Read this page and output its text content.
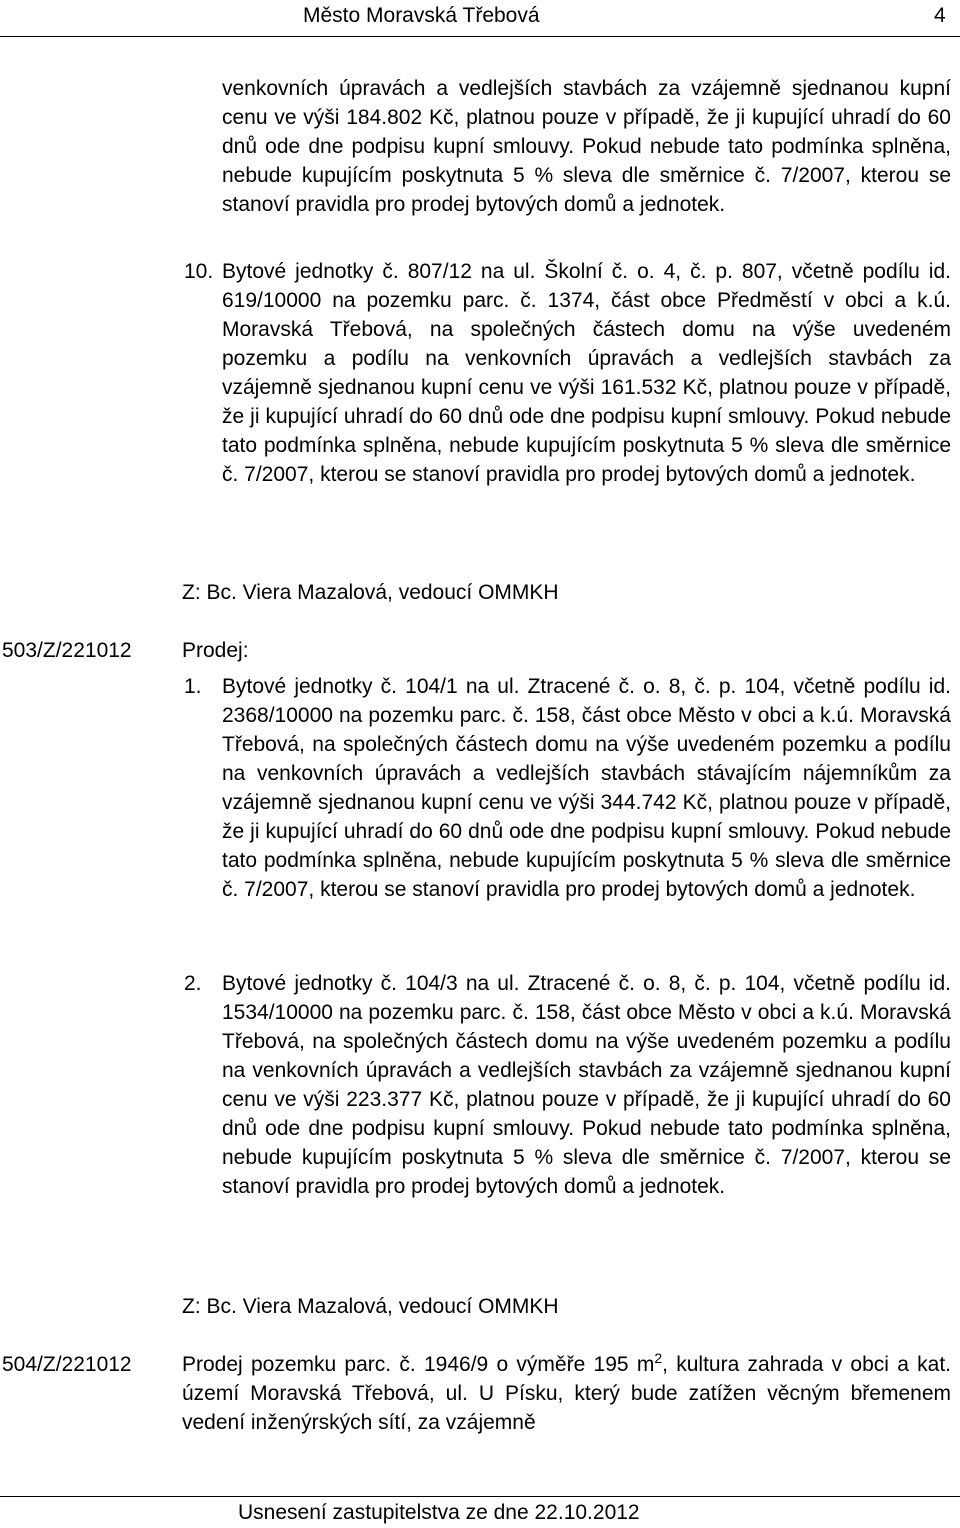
Město Moravská Třebová	4

venkovních úpravách a vedlejších stavbách za vzájemně sjednanou kupní cenu ve výši 184.802 Kč, platnou pouze v případě, že ji kupující uhradí do 60 dnů ode dne podpisu kupní smlouvy. Pokud nebude tato podmínka splněna, nebude kupujícím poskytnuta 5 % sleva dle směrnice č. 7/2007, kterou se stanoví pravidla pro prodej bytových domů a jednotek.

10. Bytové jednotky č. 807/12 na ul. Školní č. o. 4, č. p. 807, včetně podílu id. 619/10000 na pozemku parc. č. 1374, část obce Předměstí v obci a k.ú. Moravská Třebová, na společných částech domu na výše uvedeném pozemku a podílu na venkovních úpravách a vedlejších stavbách za vzájemně sjednanou kupní cenu ve výši 161.532 Kč, platnou pouze v případě, že ji kupující uhradí do 60 dnů ode dne podpisu kupní smlouvy. Pokud nebude tato podmínka splněna, nebude kupujícím poskytnuta 5 % sleva dle směrnice č. 7/2007, kterou se stanoví pravidla pro prodej bytových domů a jednotek.

Z: Bc. Viera Mazalová, vedoucí OMMKH
503/Z/221012 Prodej:
1. Bytové jednotky č. 104/1 na ul. Ztracené č. o. 8, č. p. 104, včetně podílu id. 2368/10000 na pozemku parc. č. 158, část obce Město v obci a k.ú. Moravská Třebová, na společných částech domu na výše uvedeném pozemku a podílu na venkovních úpravách a vedlejších stavbách stávajícím nájemníkům za vzájemně sjednanou kupní cenu ve výši 344.742 Kč, platnou pouze v případě, že ji kupující uhradí do 60 dnů ode dne podpisu kupní smlouvy. Pokud nebude tato podmínka splněna, nebude kupujícím poskytnuta 5 % sleva dle směrnice č. 7/2007, kterou se stanoví pravidla pro prodej bytových domů a jednotek.

2. Bytové jednotky č. 104/3 na ul. Ztracené č. o. 8, č. p. 104, včetně podílu id. 1534/10000 na pozemku parc. č. 158, část obce Město v obci a k.ú. Moravská Třebová, na společných částech domu na výše uvedeném pozemku a podílu na venkovních úpravách a vedlejších stavbách za vzájemně sjednanou kupní cenu ve výši 223.377 Kč, platnou pouze v případě, že ji kupující uhradí do 60 dnů ode dne podpisu kupní smlouvy. Pokud nebude tato podmínka splněna, nebude kupujícím poskytnuta 5 % sleva dle směrnice č. 7/2007, kterou se stanoví pravidla pro prodej bytových domů a jednotek.

Z: Bc. Viera Mazalová, vedoucí OMMKH
504/Z/221012 Prodej pozemku parc. č. 1946/9 o výměře 195 $m^2$, kultura zahrada v obci a kat. území Moravská Třebová, ul. U Písku, který bude zatížen věcným břemenem vedení inženýrských sítí, za vzájemně

Usnesení zastupitelstva ze dne 22.10.2012
